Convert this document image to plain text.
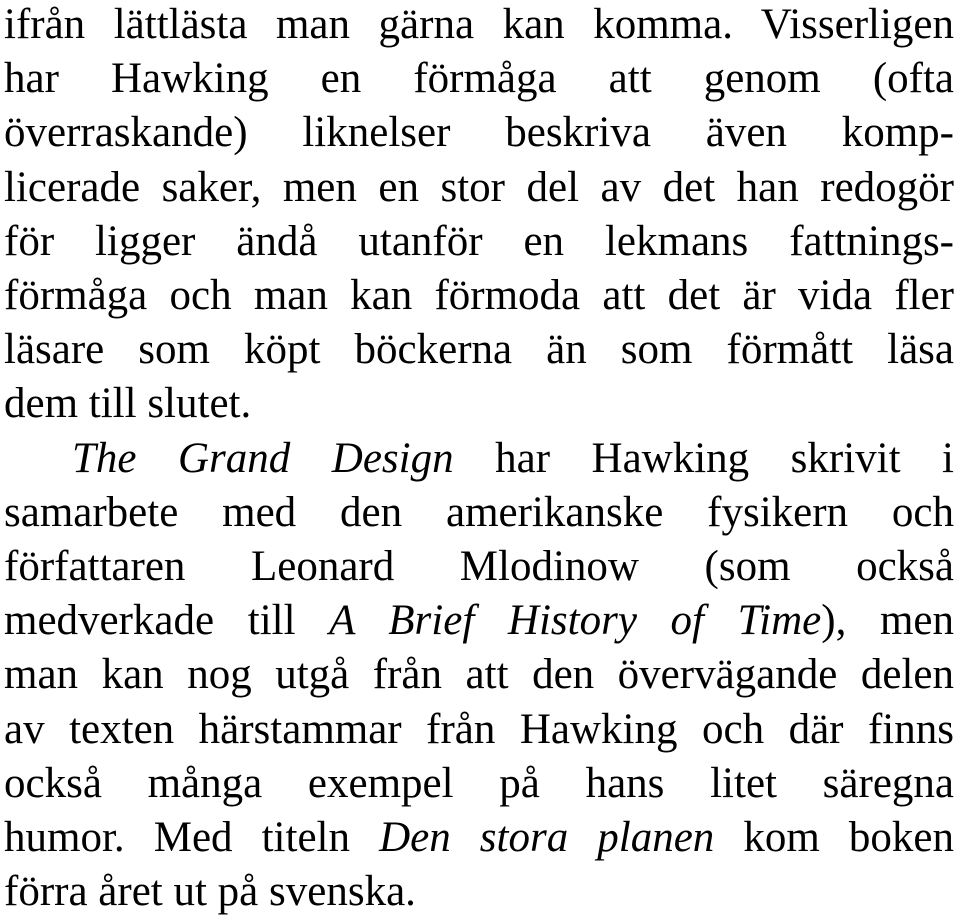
ifrån lättlästa man gärna kan komma. Visserligen
har Hawking en förmåga att genom (ofta
överraskande) liknelser beskriva även komp-
licerade saker, men en stor del av det han redogör
för ligger ändå utanför en lekmans fattnings-
förmåga och man kan förmoda att det är vida fler
läsare som köpt böckerna än som förmått läsa
dem till slutet.
The Grand Design har Hawking skrivit i
samarbete med den amerikanske fysikern och
författaren Leonard Mlodinow (som också
medverkade till A Brief History of Time), men
man kan nog utgå från att den övervägande delen
av texten härstammar från Hawking och där finns
också många exempel på hans litet säregna
humor. Med titeln Den stora planen kom boken
förra året ut på svenska.
